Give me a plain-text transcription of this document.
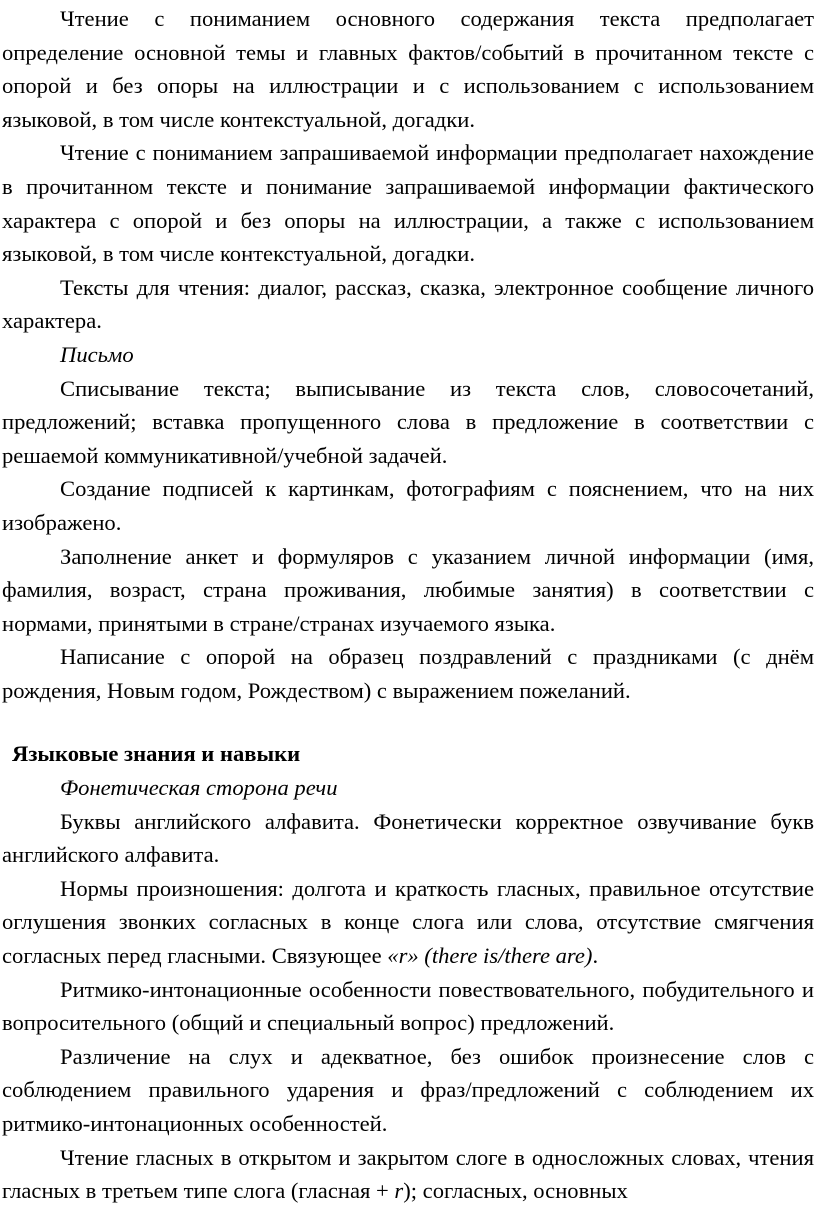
Чтение с пониманием основного содержания текста предполагает определение основной темы и главных фактов/событий в прочитанном тексте с опорой и без опоры на иллюстрации и с использованием с использованием языковой, в том числе контекстуальной, догадки.

Чтение с пониманием запрашиваемой информации предполагает нахождение в прочитанном тексте и понимание запрашиваемой информации фактического характера с опорой и без опоры на иллюстрации, а также с использованием языковой, в том числе контекстуальной, догадки.

Тексты для чтения: диалог, рассказ, сказка, электронное сообщение личного характера.

Письмо

Списывание текста; выписывание из текста слов, словосочетаний, предложений; вставка пропущенного слова в предложение в соответствии с решаемой коммуникативной/учебной задачей.

Создание подписей к картинкам, фотографиям с пояснением, что на них изображено.

Заполнение анкет и формуляров с указанием личной информации (имя, фамилия, возраст, страна проживания, любимые занятия) в соответствии с нормами, принятыми в стране/странах изучаемого языка.

Написание с опорой на образец поздравлений с праздниками (с днём рождения, Новым годом, Рождеством) с выражением пожеланий.

Языковые знания и навыки

Фонетическая сторона речи

Буквы английского алфавита. Фонетически корректное озвучивание букв английского алфавита.

Нормы произношения: долгота и краткость гласных, правильное отсутствие оглушения звонких согласных в конце слога или слова, отсутствие смягчения согласных перед гласными. Связующее «r» (there is/there are).

Ритмико-интонационные особенности повествовательного, побудительного и вопросительного (общий и специальный вопрос) предложений.

Различение на слух и адекватное, без ошибок произнесение слов с соблюдением правильного ударения и фраз/предложений с соблюдением их ритмико-интонационных особенностей.

Чтение гласных в открытом и закрытом слоге в односложных словах, чтения гласных в третьем типе слога (гласная + r); согласных, основных
